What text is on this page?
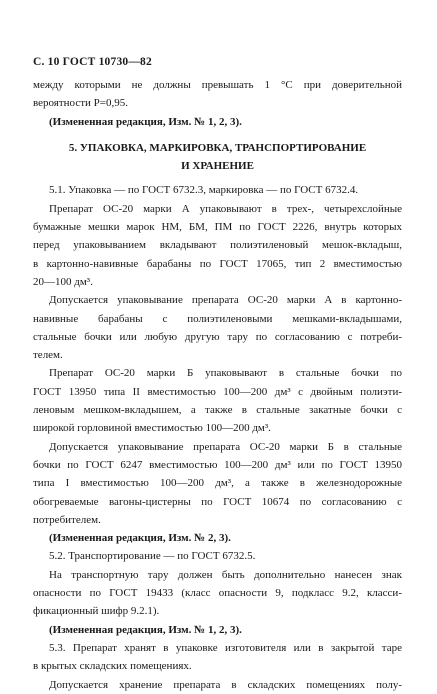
С. 10 ГОСТ 10730—82

между которыми не должны превышать 1 °С при доверительной
вероятности P=0,95.

(Измененная редакция, Изм. № 1, 2, 3).

5. УПАКОВКА, МАРКИРОВКА, ТРАНСПОРТИРОВАНИЕ
И ХРАНЕНИЕ

5.1. Упаковка — по ГОСТ 6732.3, маркировка — по ГОСТ 6732.4.

Препарат ОС-20 марки А упаковывают в трех-, четырехслойные
бумажные мешки марок НМ, БМ, ПМ по ГОСТ 2226, внутрь которых
перед упаковыванием вкладывают полиэтиленовый мешок-вкладыш,
в картонно-навивные барабаны по ГОСТ 17065, тип 2 вместимостью
20—100 дм³.

Допускается упаковывание препарата ОС-20 марки А в картонно-
навивные барабаны с полиэтиленовыми мешками-вкладышами,
стальные бочки или любую другую тару по согласованию с потреби-
телем.

Препарат ОС-20 марки Б упаковывают в стальные бочки по
ГОСТ 13950 типа II вместимостью 100—200 дм³ с двойным полиэти-
леновым мешком-вкладышем, а также в стальные закатные бочки с
широкой горловиной вместимостью 100—200 дм³.

Допускается упаковывание препарата ОС-20 марки Б в стальные
бочки по ГОСТ 6247 вместимостью 100—200 дм³ или по ГОСТ 13950
типа I вместимостью 100—200 дм³, а также в железнодорожные
обогреваемые вагоны-цистерны по ГОСТ 10674 по согласованию с
потребителем.

(Измененная редакция, Изм. № 2, 3).

5.2. Транспортирование — по ГОСТ 6732.5.

На транспортную тару должен быть дополнительно нанесен знак
опасности по ГОСТ 19433 (класс опасности 9, подкласс 9.2, класси-
фикационный шифр 9.2.1).

(Измененная редакция, Изм. № 1, 2, 3).

5.3. Препарат хранят в упаковке изготовителя или в закрытой таре
в крытых складских помещениях.

Допускается хранение препарата в складских помещениях полу-
